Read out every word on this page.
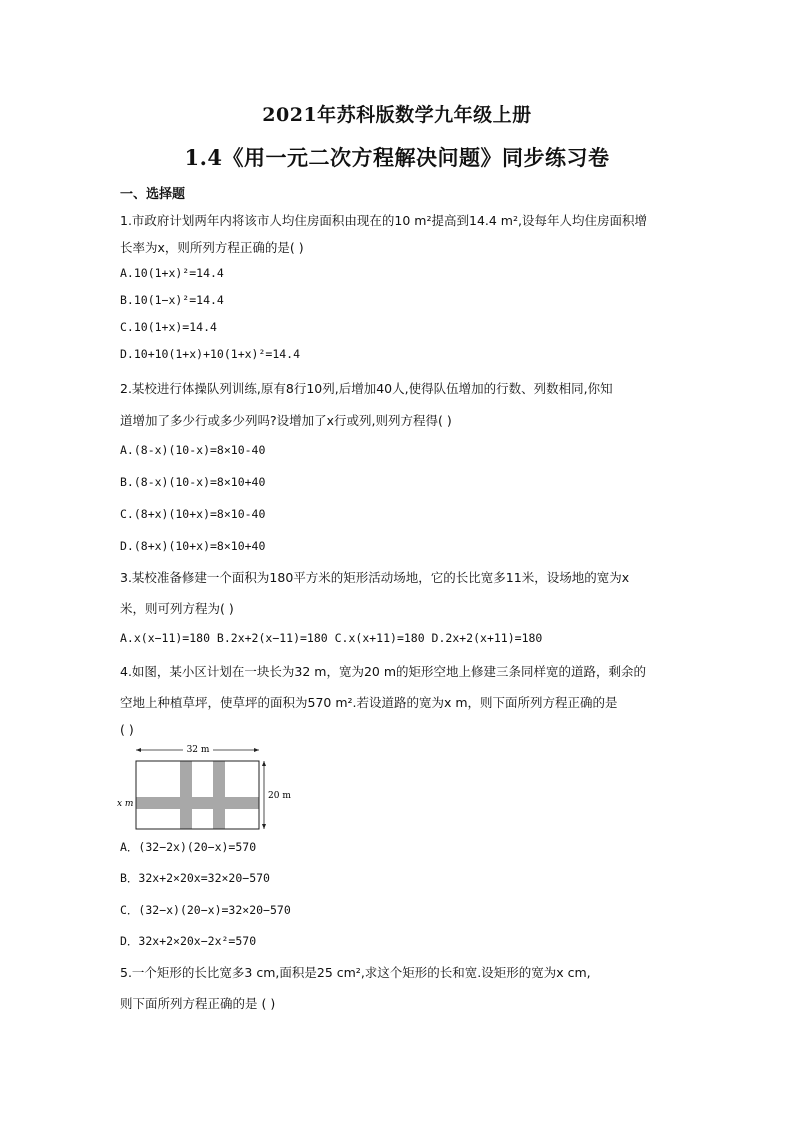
2021年苏科版数学九年级上册
1.4《用一元二次方程解决问题》同步练习卷
一、选择题
1.市政府计划两年内将该市人均住房面积由现在的10 m²提高到14.4 m²,设每年人均住房面积增
长率为x，则所列方程正确的是( )
A.10(1+x)²=14.4
B.10(1−x)²=14.4
C.10(1+x)=14.4
D.10+10(1+x)+10(1+x)²=14.4
2.某校进行体操队列训练,原有8行10列,后增加40人,使得队伍增加的行数、列数相同,你知
道增加了多少行或多少列吗?设增加了x行或列,则列方程得( )
A.(8-x)(10-x)=8×10-40
B.(8-x)(10-x)=8×10+40
C.(8+x)(10+x)=8×10-40
D.(8+x)(10+x)=8×10+40
3.某校准备修建一个面积为180平方米的矩形活动场地，它的长比宽多11米，设场地的宽为x
米，则可列方程为( )
A.x(x−11)=180 B.2x+2(x−11)=180 C.x(x+11)=180 D.2x+2(x+11)=180
4.如图，某小区计划在一块长为32 m，宽为20 m的矩形空地上修建三条同样宽的道路，剩余的
空地上种植草坪，使草坪的面积为570 m².若设道路的宽为x m，则下面所列方程正确的是
( )
32 m
20 m
x m
A．(32−2x)(20−x)=570
B．32x+2×20x=32×20−570
C．(32−x)(20−x)=32×20−570
D．32x+2×20x−2x²=570
5.一个矩形的长比宽多3 cm,面积是25 cm²,求这个矩形的长和宽.设矩形的宽为x cm,
则下面所列方程正确的是 ( )
